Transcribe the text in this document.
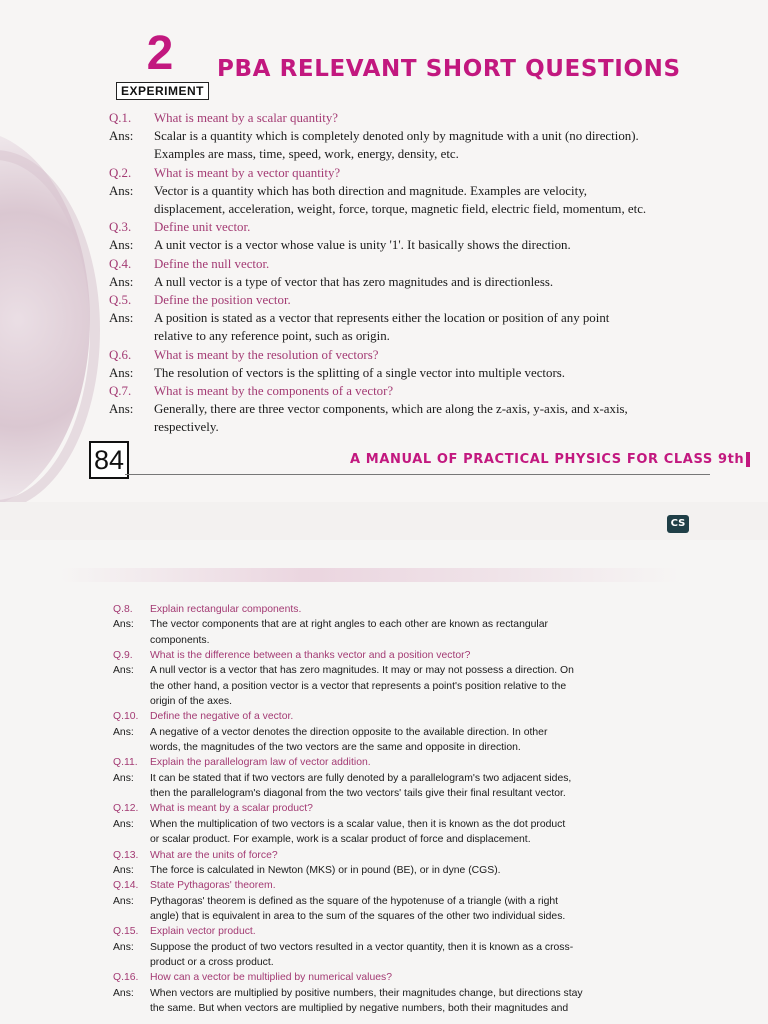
2
EXPERIMENT
PBA RELEVANT SHORT QUESTIONS
Q.1.	What is meant by a scalar quantity?
Ans:	Scalar is a quantity which is completely denoted only by magnitude with a unit (no direction).
Examples are mass, time, speed, work, energy, density, etc.
Q.2.	What is meant by a vector quantity?
Ans:	Vector is a quantity which has both direction and magnitude. Examples are velocity,
displacement, acceleration, weight, force, torque, magnetic field, electric field, momentum, etc.
Q.3.	Define unit vector.
Ans:	A unit vector is a vector whose value is unity '1'. It basically shows the direction.
Q.4.	Define the null vector.
Ans:	A null vector is a type of vector that has zero magnitudes and is directionless.
Q.5.	Define the position vector.
Ans:	A position is stated as a vector that represents either the location or position of any point
relative to any reference point, such as origin.
Q.6.	What is meant by the resolution of vectors?
Ans:	The resolution of vectors is the splitting of a single vector into multiple vectors.
Q.7.	What is meant by the components of a vector?
Ans:	Generally, there are three vector components, which are along the z-axis, y-axis, and x-axis,
respectively.
84	A MANUAL OF PRACTICAL PHYSICS FOR CLASS 9th
CS
Q.8.	Explain rectangular components.
Ans:	The vector components that are at right angles to each other are known as rectangular
components.
Q.9.	What is the difference between a thanks vector and a position vector?
Ans:	A null vector is a vector that has zero magnitudes. It may or may not possess a direction. On
the other hand, a position vector is a vector that represents a point's position relative to the
origin of the axes.
Q.10.	Define the negative of a vector.
Ans:	A negative of a vector denotes the direction opposite to the available direction. In other
words, the magnitudes of the two vectors are the same and opposite in direction.
Q.11.	Explain the parallelogram law of vector addition.
Ans:	It can be stated that if two vectors are fully denoted by a parallelogram's two adjacent sides,
then the parallelogram's diagonal from the two vectors' tails give their final resultant vector.
Q.12.	What is meant by a scalar product?
Ans:	When the multiplication of two vectors is a scalar value, then it is known as the dot product
or scalar product. For example, work is a scalar product of force and displacement.
Q.13.	What are the units of force?
Ans:	The force is calculated in Newton (MKS) or in pound (BE), or in dyne (CGS).
Q.14.	State Pythagoras' theorem.
Ans:	Pythagoras' theorem is defined as the square of the hypotenuse of a triangle (with a right
angle) that is equivalent in area to the sum of the squares of the other two individual sides.
Q.15.	Explain vector product.
Ans:	Suppose the product of two vectors resulted in a vector quantity, then it is known as a cross-
product or a cross product.
Q.16.	How can a vector be multiplied by numerical values?
Ans:	When vectors are multiplied by positive numbers, their magnitudes change, but directions stay
the same. But when vectors are multiplied by negative numbers, both their magnitudes and
